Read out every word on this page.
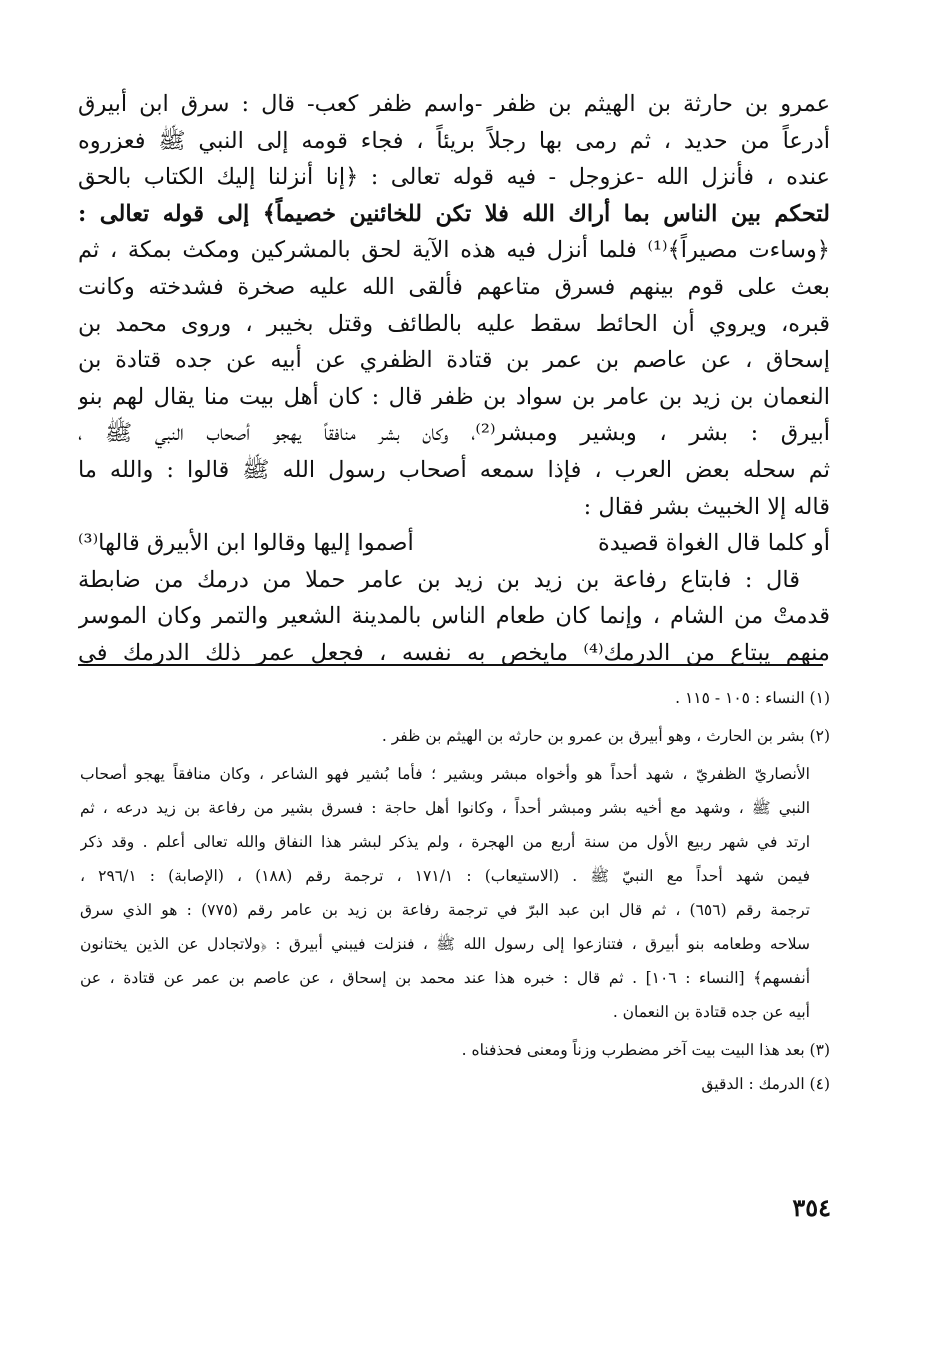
عمرو بن حارثة بن الهيثم بن ظفر -واسم ظفر كعب- قال : سرق ابن أبيرق
أدرعاً من حديد ، ثم رمى بها رجلاً بريئاً ، فجاء قومه إلى النبي ﷺ فعزروه
عنده ، فأنزل الله -عزوجل - فيه قوله تعالى : ﴿إنا أنزلنا إليك الكتاب بالحق
لتحكم بين الناس بما أراك الله فلا تكن للخائنين خصيماً﴾ إلى قوله تعالى :
﴿وساءت مصيراً﴾⁽¹⁾ فلما أنزل فيه هذه الآية لحق بالمشركين ومكث بمكة ، ثم
بعث على قوم بينهم فسرق متاعهم فألقى الله عليه صخرة فشدخته وكانت
قبره، ويروي أن الحائط سقط عليه بالطائف وقتل بخيبر ، وروى محمد بن
إسحاق ، عن عاصم بن عمر بن قتادة الظفري عن أبيه عن جده قتادة بن
النعمان بن زيد بن عامر بن سواد بن ظفر قال : كان أهل بيت منا يقال لهم بنو
أبيرق : بشر ، وبشير ومبشر⁽²⁾، وكان بشر منافقاً يهجو أصحاب النبي ﷺ ،
ثم سحله بعض العرب ، فإذا سمعه أصحاب رسول الله ﷺ قالوا : والله ما
قاله إلا الخبيث بشر فقال :
أو كلما قال الغواة قصيدة
أصموا إليها وقالوا ابن الأبيرق قالها⁽³⁾
قال : فابتاع رفاعة بن زيد بن زيد بن عامر حملا من درمك من ضابطة
قدمتْ من الشام ، وإنما كان طعام الناس بالمدينة الشعير والتمر وكان الموسر
منهم يبتاع من الدرمك⁽⁴⁾ مايخص به نفسه ، فجعل عمر ذلك الدرمك في
(١) النساء : ١٠٥ - ١١٥ .
(٢) بشر بن الحارث ، وهو أبيرق بن عمرو بن حارثه بن الهيثم بن ظفر .
الأنصاريّ الظفريّ ، شهد أحداً هو وأخواه مبشر وبشير ؛ فأما بُشير فهو الشاعر ، وكان منافقاً يهجو أصحاب
النبي ﷺ ، وشهد مع أخيه بشر ومبشر أحداً ، وكانوا أهل حاجة : فسرق بشير من رفاعة بن زيد درعه ، ثم
ارتد في شهر ربيع الأول من سنة أربع من الهجرة ، ولم يذكر لبشر هذا النفاق والله تعالى أعلم . وقد ذكر
فيمن شهد أحداً مع النبيّ ﷺ . (الاستيعاب) : ١٧١/١ ، ترجمة رقم (١٨٨) ، (الإصابة) : ٢٩٦/١ ،
ترجمة رقم (٦٥٦) ، ثم قال ابن عبد البرّ في ترجمة رفاعة بن زيد بن عامر رقم (٧٧٥) : هو الذي سرق
سلاحه وطعامه بنو أبيرق ، فتنازعوا إلى رسول الله ﷺ ، فنزلت فيبني أبيرق : ﴿ولاتجادل عن الذين يختانون
أنفسهم﴾ [النساء : ١٠٦] . ثم قال : خبره هذا عند محمد بن إسحاق ، عن عاصم بن عمر عن قتادة ، عن
أبيه عن جده قتادة بن النعمان .
(٣) بعد هذا البيت بيت آخر مضطرب وزناً ومعنى فحذفناه .
(٤) الدرمك : الدقيق
٣٥٤
